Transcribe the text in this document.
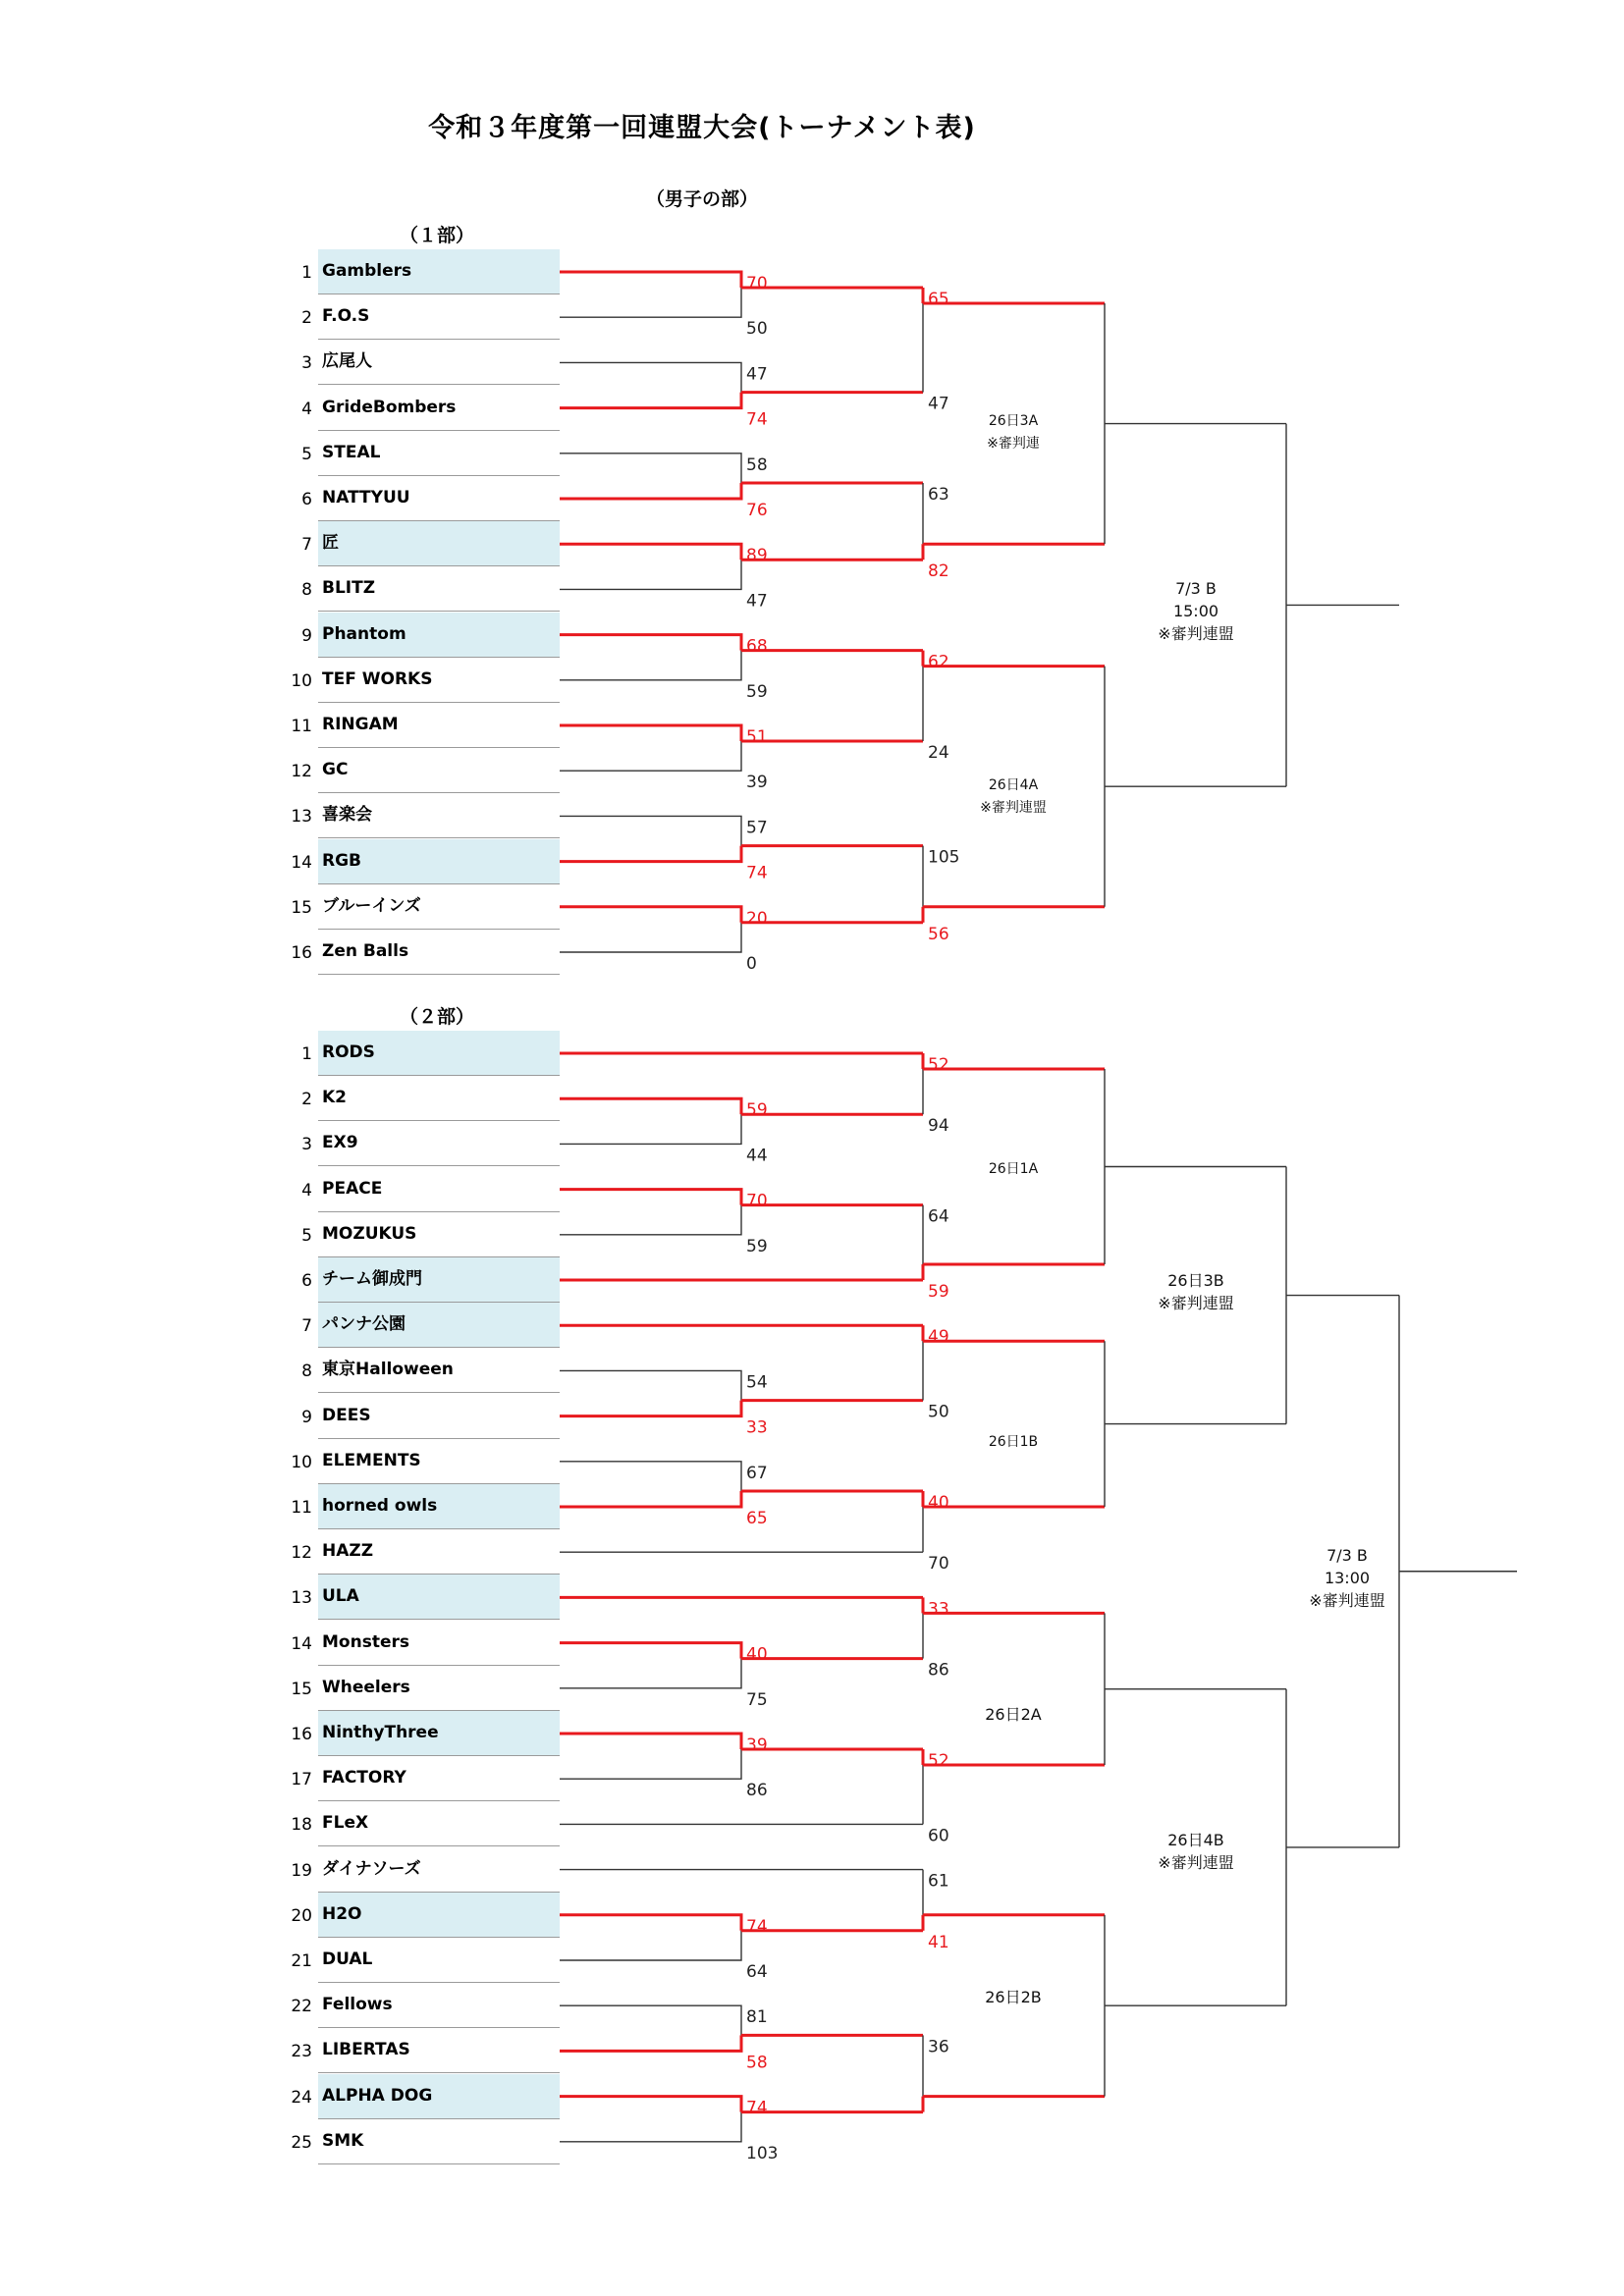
令和３年度第一回連盟大会(トーナメント表)
（男子の部）
（１部）
（２部）
1 Gamblers
2 F.O.S
3 広尾人
4 GrideBombers
5 STEAL
6 NATTYUU
7 匠
8 BLITZ
9 Phantom
10 TEF WORKS
11 RINGAM
12 GC
13 喜楽会
14 RGB
15 ブルーインズ
16 Zen Balls
1 RODS
2 K2
3 EX9
4 PEACE
5 MOZUKUS
6 チーム御成門
7 パンナ公園
8 東京Halloween
9 DEES
10 ELEMENTS
11 horned owls
12 HAZZ
13 ULA
14 Monsters
15 Wheelers
16 NinthyThree
17 FACTORY
18 FLeX
19 ダイナソーズ
20 H2O
21 DUAL
22 Fellows
23 LIBERTAS
24 ALPHA DOG
25 SMK
70
50
47
74
58
76
89
47
68
59
51
39
57
74
20
0
65
47
63
82
62
24
105
56
59
44
52
94
70
59
64
59
54
33
49
50
67
65
40
70
40
75
33
86
39
86
52
60
74
64
61
41
81
58
74
103
36
26日3A
※審判連
26日4A
※審判連盟
7/3 B
15:00
※審判連盟
26日1A
26日1B
26日2A
26日2B
26日3B
※審判連盟
26日4B
※審判連盟
7/3 B
13:00
※審判連盟
